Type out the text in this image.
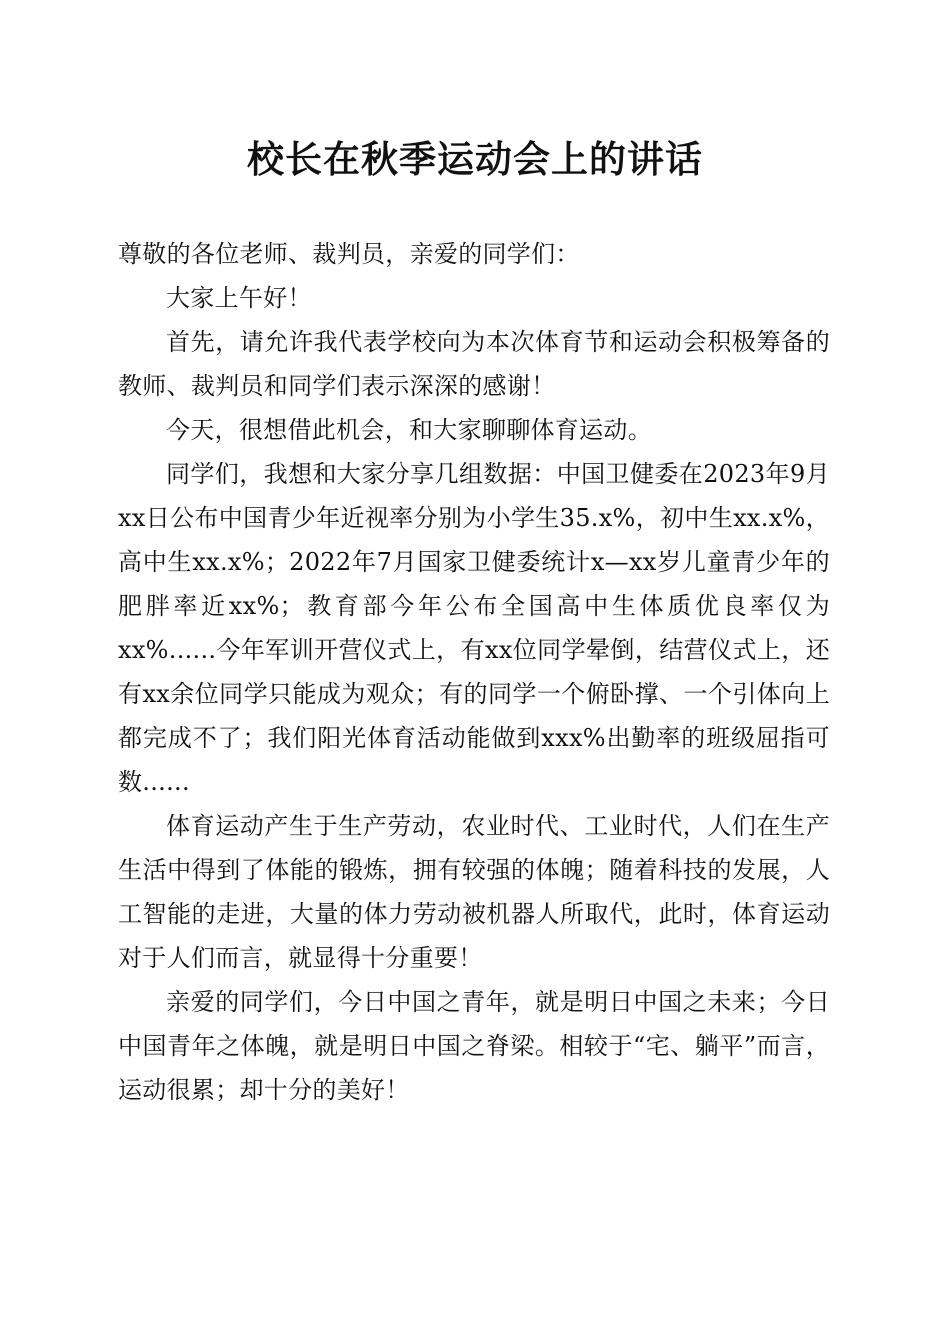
校长在秋季运动会上的讲话

尊敬的各位老师、裁判员，亲爱的同学们：

大家上午好！

首先，请允许我代表学校向为本次体育节和运动会积极筹备的教师、裁判员和同学们表示深深的感谢！

今天，很想借此机会，和大家聊聊体育运动。

同学们，我想和大家分享几组数据：中国卫健委在2023年9月xx日公布中国青少年近视率分别为小学生35.x%，初中生xx.x%，高中生xx.x%；2022年7月国家卫健委统计x—xx岁儿童青少年的肥胖率近xx%；教育部今年公布全国高中生体质优良率仅为xx%......今年军训开营仪式上，有xx位同学晕倒，结营仪式上，还有xx余位同学只能成为观众；有的同学一个俯卧撑、一个引体向上都完成不了；我们阳光体育活动能做到xxx%出勤率的班级屈指可数......

体育运动产生于生产劳动，农业时代、工业时代，人们在生产生活中得到了体能的锻炼，拥有较强的体魄；随着科技的发展，人工智能的走进，大量的体力劳动被机器人所取代，此时，体育运动对于人们而言，就显得十分重要！

亲爱的同学们，今日中国之青年，就是明日中国之未来；今日中国青年之体魄，就是明日中国之脊梁。相较于“宅、躺平”而言，运动很累；却十分的美好！
